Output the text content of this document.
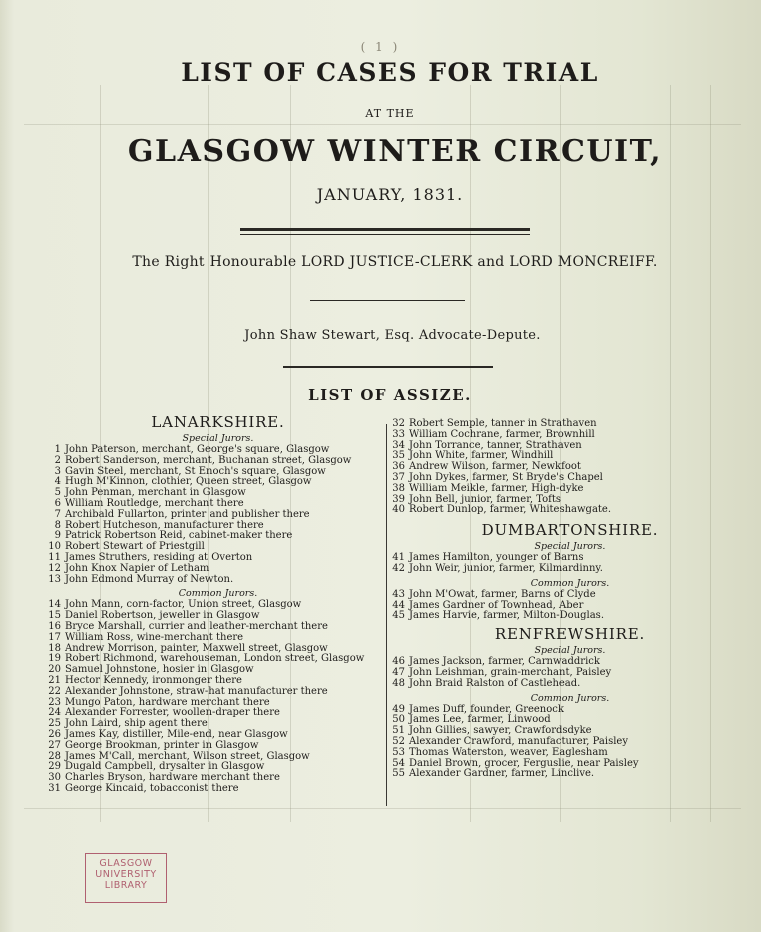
( 1 )
LIST OF CASES FOR TRIAL
AT THE
GLASGOW WINTER CIRCUIT,
JANUARY, 1831.
The Right Honourable LORD JUSTICE-CLERK and LORD MONCREIFF.
John Shaw Stewart, Esq. Advocate-Depute.
LIST OF ASSIZE.
LANARKSHIRE.
Special Jurors.
1 John Paterson, merchant, George's square, Glasgow
2 Robert Sanderson, merchant, Buchanan street, Glasgow
3 Gavin Steel, merchant, St Enoch's square, Glasgow
4 Hugh M'Kinnon, clothier, Queen street, Glasgow
5 John Penman, merchant in Glasgow
6 William Routledge, merchant there
7 Archibald Fullarton, printer and publisher there
8 Robert Hutcheson, manufacturer there
9 Patrick Robertson Reid, cabinet-maker there
10 Robert Stewart of Priestgill
11 James Struthers, residing at Overton
12 John Knox Napier of Letham
13 John Edmond Murray of Newton.
Common Jurors.
14 John Mann, corn-factor, Union street, Glasgow
15 Daniel Robertson, jeweller in Glasgow
16 Bryce Marshall, currier and leather-merchant there
17 William Ross, wine-merchant there
18 Andrew Morrison, painter, Maxwell street, Glasgow
19 Robert Richmond, warehouseman, London street, Glasgow
20 Samuel Johnstone, hosier in Glasgow
21 Hector Kennedy, ironmonger there
22 Alexander Johnstone, straw-hat manufacturer there
23 Mungo Paton, hardware merchant there
24 Alexander Forrester, woollen-draper there
25 John Laird, ship agent there
26 James Kay, distiller, Mile-end, near Glasgow
27 George Brookman, printer in Glasgow
28 James M'Call, merchant, Wilson street, Glasgow
29 Dugald Campbell, drysalter in Glasgow
30 Charles Bryson, hardware merchant there
31 George Kincaid, tobacconist there
32 Robert Semple, tanner in Strathaven
33 William Cochrane, farmer, Brownhill
34 John Torrance, tanner, Strathaven
35 John White, farmer, Windhill
36 Andrew Wilson, farmer, Newkfoot
37 John Dykes, farmer, St Bryde's Chapel
38 William Meikle, farmer, High-dyke
39 John Bell, junior, farmer, Tofts
40 Robert Dunlop, farmer, Whiteshawgate.
DUMBARTONSHIRE.
Special Jurors.
41 James Hamilton, younger of Barns
42 John Weir, junior, farmer, Kilmardinny.
Common Jurors.
43 John M'Owat, farmer, Barns of Clyde
44 James Gardner of Townhead, Aber
45 James Harvie, farmer, Milton-Douglas.
RENFREWSHIRE.
Special Jurors.
46 James Jackson, farmer, Carnwaddrick
47 John Leishman, grain-merchant, Paisley
48 John Braid Ralston of Castlehead.
Common Jurors.
49 James Duff, founder, Greenock
50 James Lee, farmer, Linwood
51 John Gillies, sawyer, Crawfordsdyke
52 Alexander Crawford, manufacturer, Paisley
53 Thomas Waterston, weaver, Eaglesham
54 Daniel Brown, grocer, Ferguslie, near Paisley
55 Alexander Gardner, farmer, Linclive.
GLASGOW
UNIVERSITY
LIBRARY
